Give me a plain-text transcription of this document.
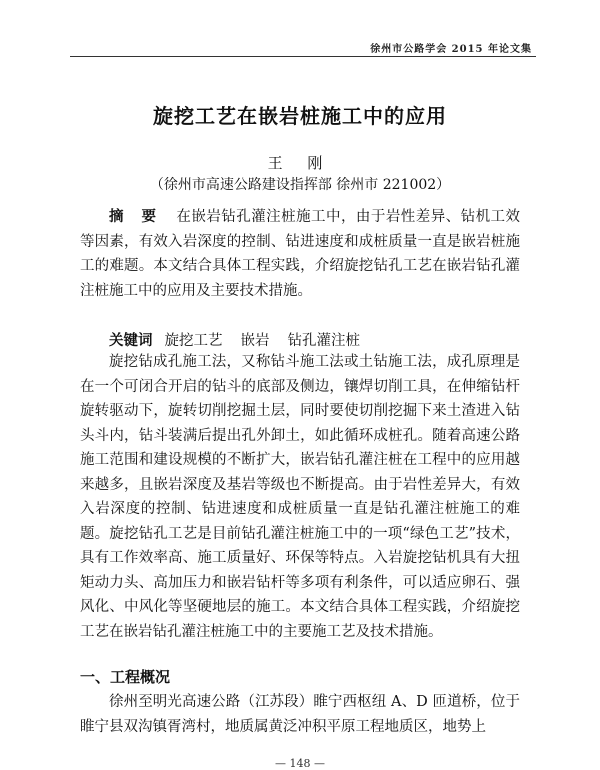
徐州市公路学会 2015 年论文集
旋挖工艺在嵌岩桩施工中的应用
王 刚
（徐州市高速公路建设指挥部 徐州市 221002）
摘 要 在嵌岩钻孔灌注桩施工中，由于岩性差异、钻机工效等因素，有效入岩深度的控制、钻进速度和成桩质量一直是嵌岩桩施工的难题。本文结合具体工程实践，介绍旋挖钻孔工艺在嵌岩钻孔灌注桩施工中的应用及主要技术措施。
关键词 旋挖工艺 嵌岩 钻孔灌注桩
旋挖钻成孔施工法，又称钻斗施工法或土钻施工法，成孔原理是在一个可闭合开启的钻斗的底部及侧边，镶焊切削工具，在伸缩钻杆旋转驱动下，旋转切削挖掘土层，同时要使切削挖掘下来土渣进入钻头斗内，钻斗装满后提出孔外卸土，如此循环成桩孔。随着高速公路施工范围和建设规模的不断扩大，嵌岩钻孔灌注桩在工程中的应用越来越多，且嵌岩深度及基岩等级也不断提高。由于岩性差异大，有效入岩深度的控制、钻进速度和成桩质量一直是钻孔灌注桩施工的难题。旋挖钻孔工艺是目前钻孔灌注桩施工中的一项“绿色工艺”技术，具有工作效率高、施工质量好、环保等特点。入岩旋挖钻机具有大扭矩动力头、高加压力和嵌岩钻杆等多项有利条件，可以适应卵石、强风化、中风化等坚硬地层的施工。本文结合具体工程实践，介绍旋挖工艺在嵌岩钻孔灌注桩施工中的主要施工艺及技术措施。
一、工程概况
徐州至明光高速公路（江苏段）睢宁西枢纽 A、D 匝道桥，位于睢宁县双沟镇胥湾村，地质属黄泛冲积平原工程地质区，地势上
— 148 —
